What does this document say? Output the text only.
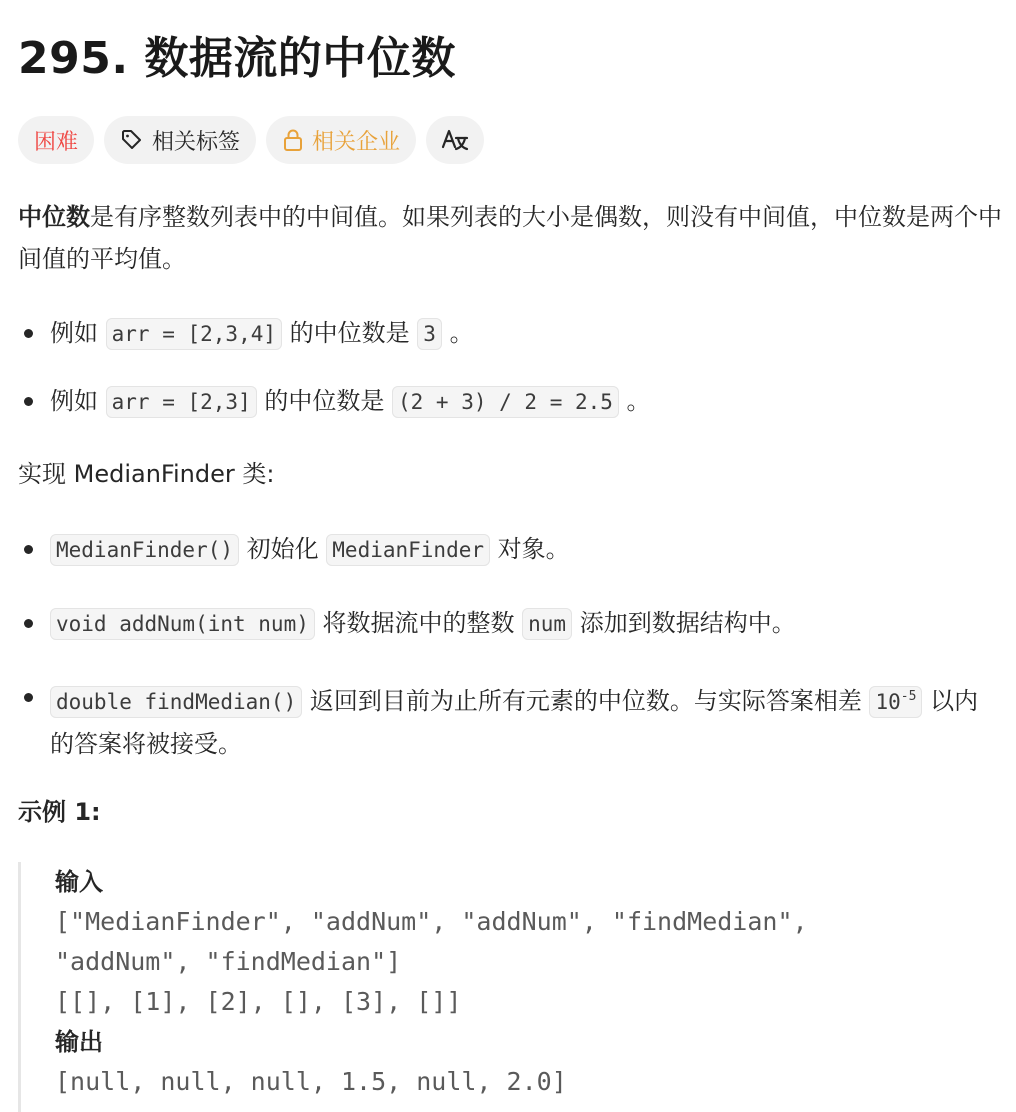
295. 数据流的中位数
困难	相关标签	相关企业
中位数是有序整数列表中的中间值。如果列表的大小是偶数，则没有中间值，中位数是两个中间值的平均值。
例如 arr = [2,3,4] 的中位数是 3 。
例如 arr = [2,3] 的中位数是 (2 + 3) / 2 = 2.5 。
实现 MedianFinder 类:
MedianFinder() 初始化 MedianFinder 对象。
void addNum(int num) 将数据流中的整数 num 添加到数据结构中。
double findMedian() 返回到目前为止所有元素的中位数。与实际答案相差 $10^{-5}$ 以内的答案将被接受。
示例 1:
输入
["MedianFinder", "addNum", "addNum", "findMedian",
"addNum", "findMedian"]
[[], [1], [2], [], [3], []]
输出
[null, null, null, 1.5, null, 2.0]
